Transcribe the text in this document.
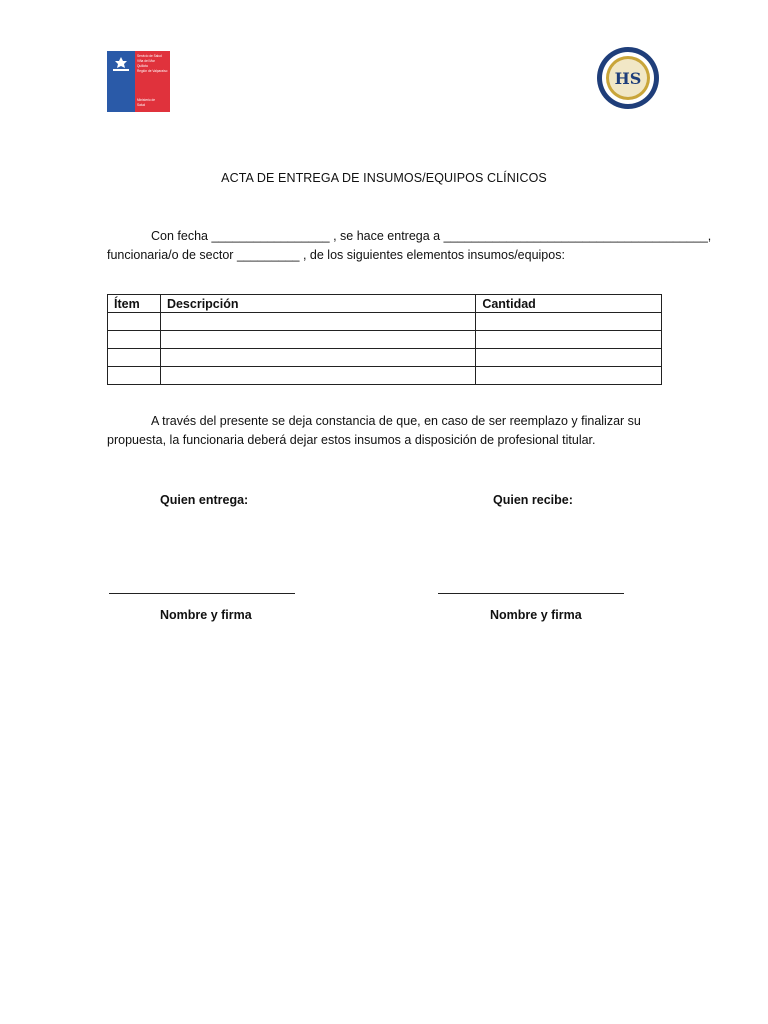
Servicio de Salud
Viña del Mar
Quillota
Región de Valparaíso
Ministerio de
Salud
HS
ACTA DE ENTREGA DE INSUMOS/EQUIPOS CLÍNICOS
Con fecha _________________ , se hace entrega a ______________________________________,
funcionaria/o de sector _________ , de los siguientes elementos insumos/equipos:
Ítem	Descripción	Cantidad

A través del presente se deja constancia de que, en caso de ser reemplazo y finalizar su
propuesta, la funcionaria deberá dejar estos insumos a disposición de profesional titular.
Quien entrega:	Quien recibe:
Nombre y firma	Nombre y firma
